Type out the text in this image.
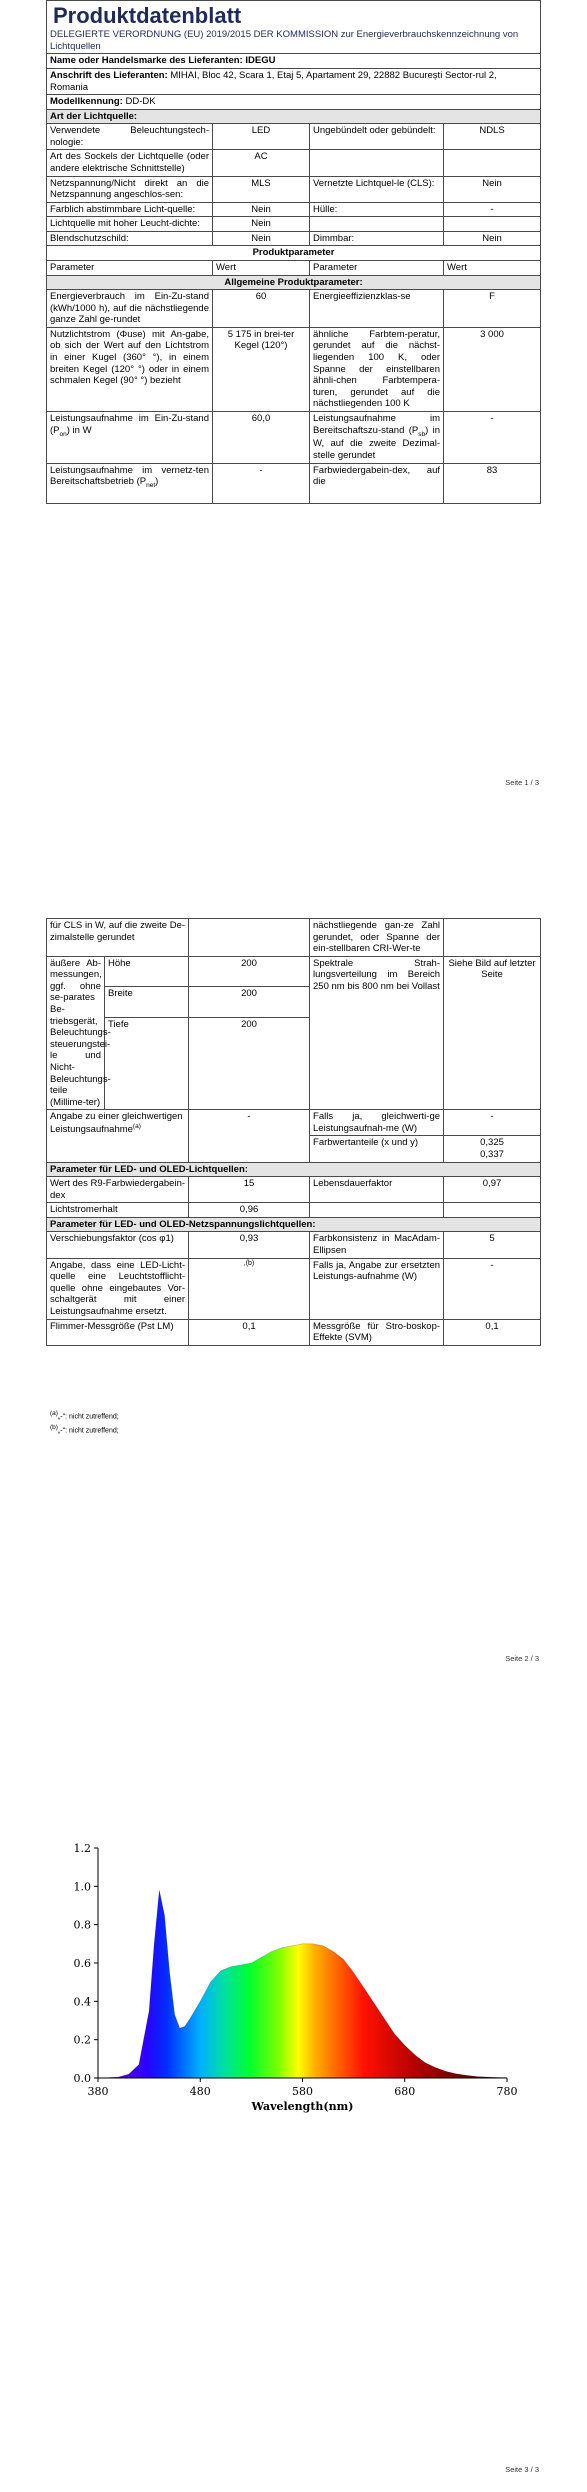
Produktdatenblatt
DELEGIERTE VERORDNUNG (EU) 2019/2015 DER KOMMISSION zur Energieverbrauchskennzeichnung von Lichtquellen			

Name oder Handelsmarke des Lieferanten: IDEGU			
Anschrift des Lieferanten: MIHAI, Bloc 42, Scara 1, Etaj 5, Apartament 29, 22882 București Sector-rul 2, Romania			
Modellkennung: DD-DK			
Art der Lichtquelle:			
Verwendete Beleuchtungstech-nologie:	LED	Ungebündelt oder gebündelt:	NDLS
Art des Sockels der Lichtquelle (oder andere elektrische Schnittstelle)	AC		
Netzspannung/Nicht direkt an die Netzspannung angeschlos-sen:	MLS	Vernetzte Lichtquel-le (CLS):	Nein
Farblich abstimmbare Licht-quelle:	Nein	Hülle:	-
Lichtquelle mit hoher Leucht-dichte:	Nein		
Blendschutzschild:	Nein	Dimmbar:	Nein
Produktparameter			
Parameter	Wert	Parameter	Wert
Allgemeine Produktparameter:			
Energieverbrauch im Ein-Zu-stand (kWh/1000 h), auf die nächstliegende ganze Zahl ge-rundet	60	Energieeffizienzklas-se	F
Nutzlichtstrom (Φuse) mit An-gabe, ob sich der Wert auf den Lichtstrom in einer Kugel (360° °), in einem breiten Kegel (120° °) oder in einem schmalen Kegel (90° °) bezieht	5 175 in brei-ter Kegel (120°)	ähnliche Farbtem-peratur, gerundet auf die nächst-liegenden 100 K, oder Spanne der einstellbaren ähnli-chen Farbtempera-turen, gerundet auf die nächstliegenden 100 K	3 000
Leistungsaufnahme im Ein-Zu-stand $(P_{on})$ in W	60,0	Leistungsaufnahme im Bereitschaftszu-stand $(P_{sb})$ in W, auf die zweite Dezimal-stelle gerundet	-
Leistungsaufnahme im vernetz-ten Bereitschaftsbetrieb $(P_{net})$	-	Farbwiedergabein-dex, auf die	83
Seite 1 / 3
für CLS in W, auf die zweite De-zimalstelle gerundet			nächstliegende gan-ze Zahl gerundet, oder Spanne der ein-stellbaren CRI-Wer-te	
äußere Ab-messungen, ggf. ohne se-parates Be-triebsgerät, Beleuchtungs-steuerungstei-le und Nicht-Beleuchtungs-teile (Millime-ter)	Höhe	200	Spektrale Strah-lungsverteilung im Bereich 250 nm bis 800 nm bei Vollast	Siehe Bild auf letzter Seite
	Breite	200		
	Tiefe	200		
Angabe zu einer gleichwertigen Leistungsaufnahme$^{(a)}$		-	Falls ja, gleichwerti-ge Leistungsaufnah-me (W)	-
			Farbwertanteile (x und y)	0,325
0,337

Parameter für LED- und OLED-Lichtquellen:				
Wert des R9-Farbwiedergabein-dex		15	Lebensdauerfaktor	0,97
Lichtstromerhalt		0,96		
Parameter für LED- und OLED-Netzspannungslichtquellen:				
Verschiebungsfaktor (cos φ1)		0,93	Farbkonsistenz in MacAdam-Ellipsen	5
Angabe, dass eine LED-Licht-quelle eine Leuchtstofflicht-quelle ohne eingebautes Vor-schaltgerät mit einer Leistungsaufnahme ersetzt.		,(b)	Falls ja, Angabe zur ersetzten Leistungs-aufnahme (W)	-
Flimmer-Messgröße (Pst LM)		0,1	Messgröße für Stro-boskop-Effekte (SVM)	0,1
$^{(a)}$„-": nicht zutreffend;
$^{(b)}$„-": nicht zutreffend;
Seite 2 / 3
0.0
0.2
0.4
0.6
0.8
1.0
1.2
380	480	580	680	780
Wavelength(nm)
Seite 3 / 3
